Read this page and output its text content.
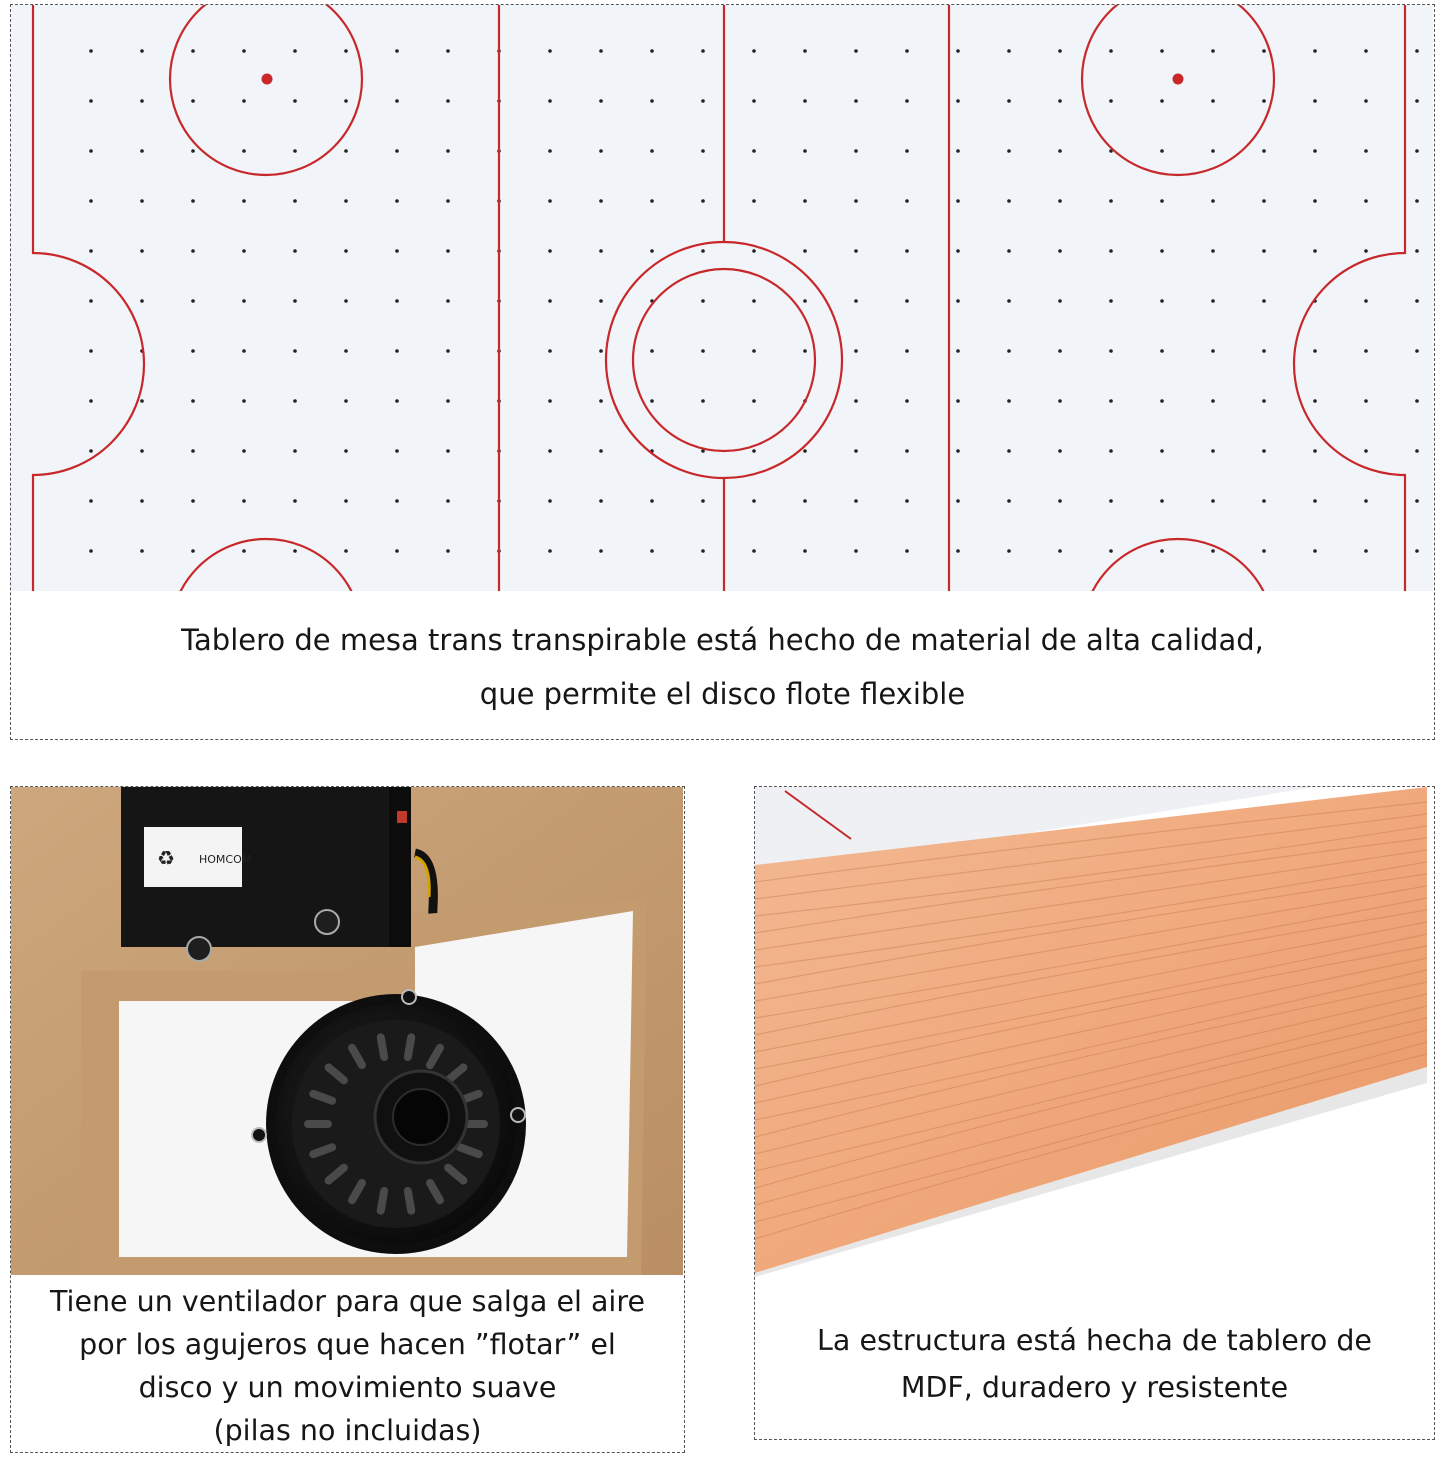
Tablero de mesa trans transpirable está hecho de material de alta calidad,
que permite el disco flote flexible
HOMCOM
♻
Tiene un ventilador para que salga el aire
por los agujeros que hacen ”flotar” el
disco y un movimiento suave
(pilas no incluidas)
La estructura está hecha de tablero de
MDF, duradero y resistente
